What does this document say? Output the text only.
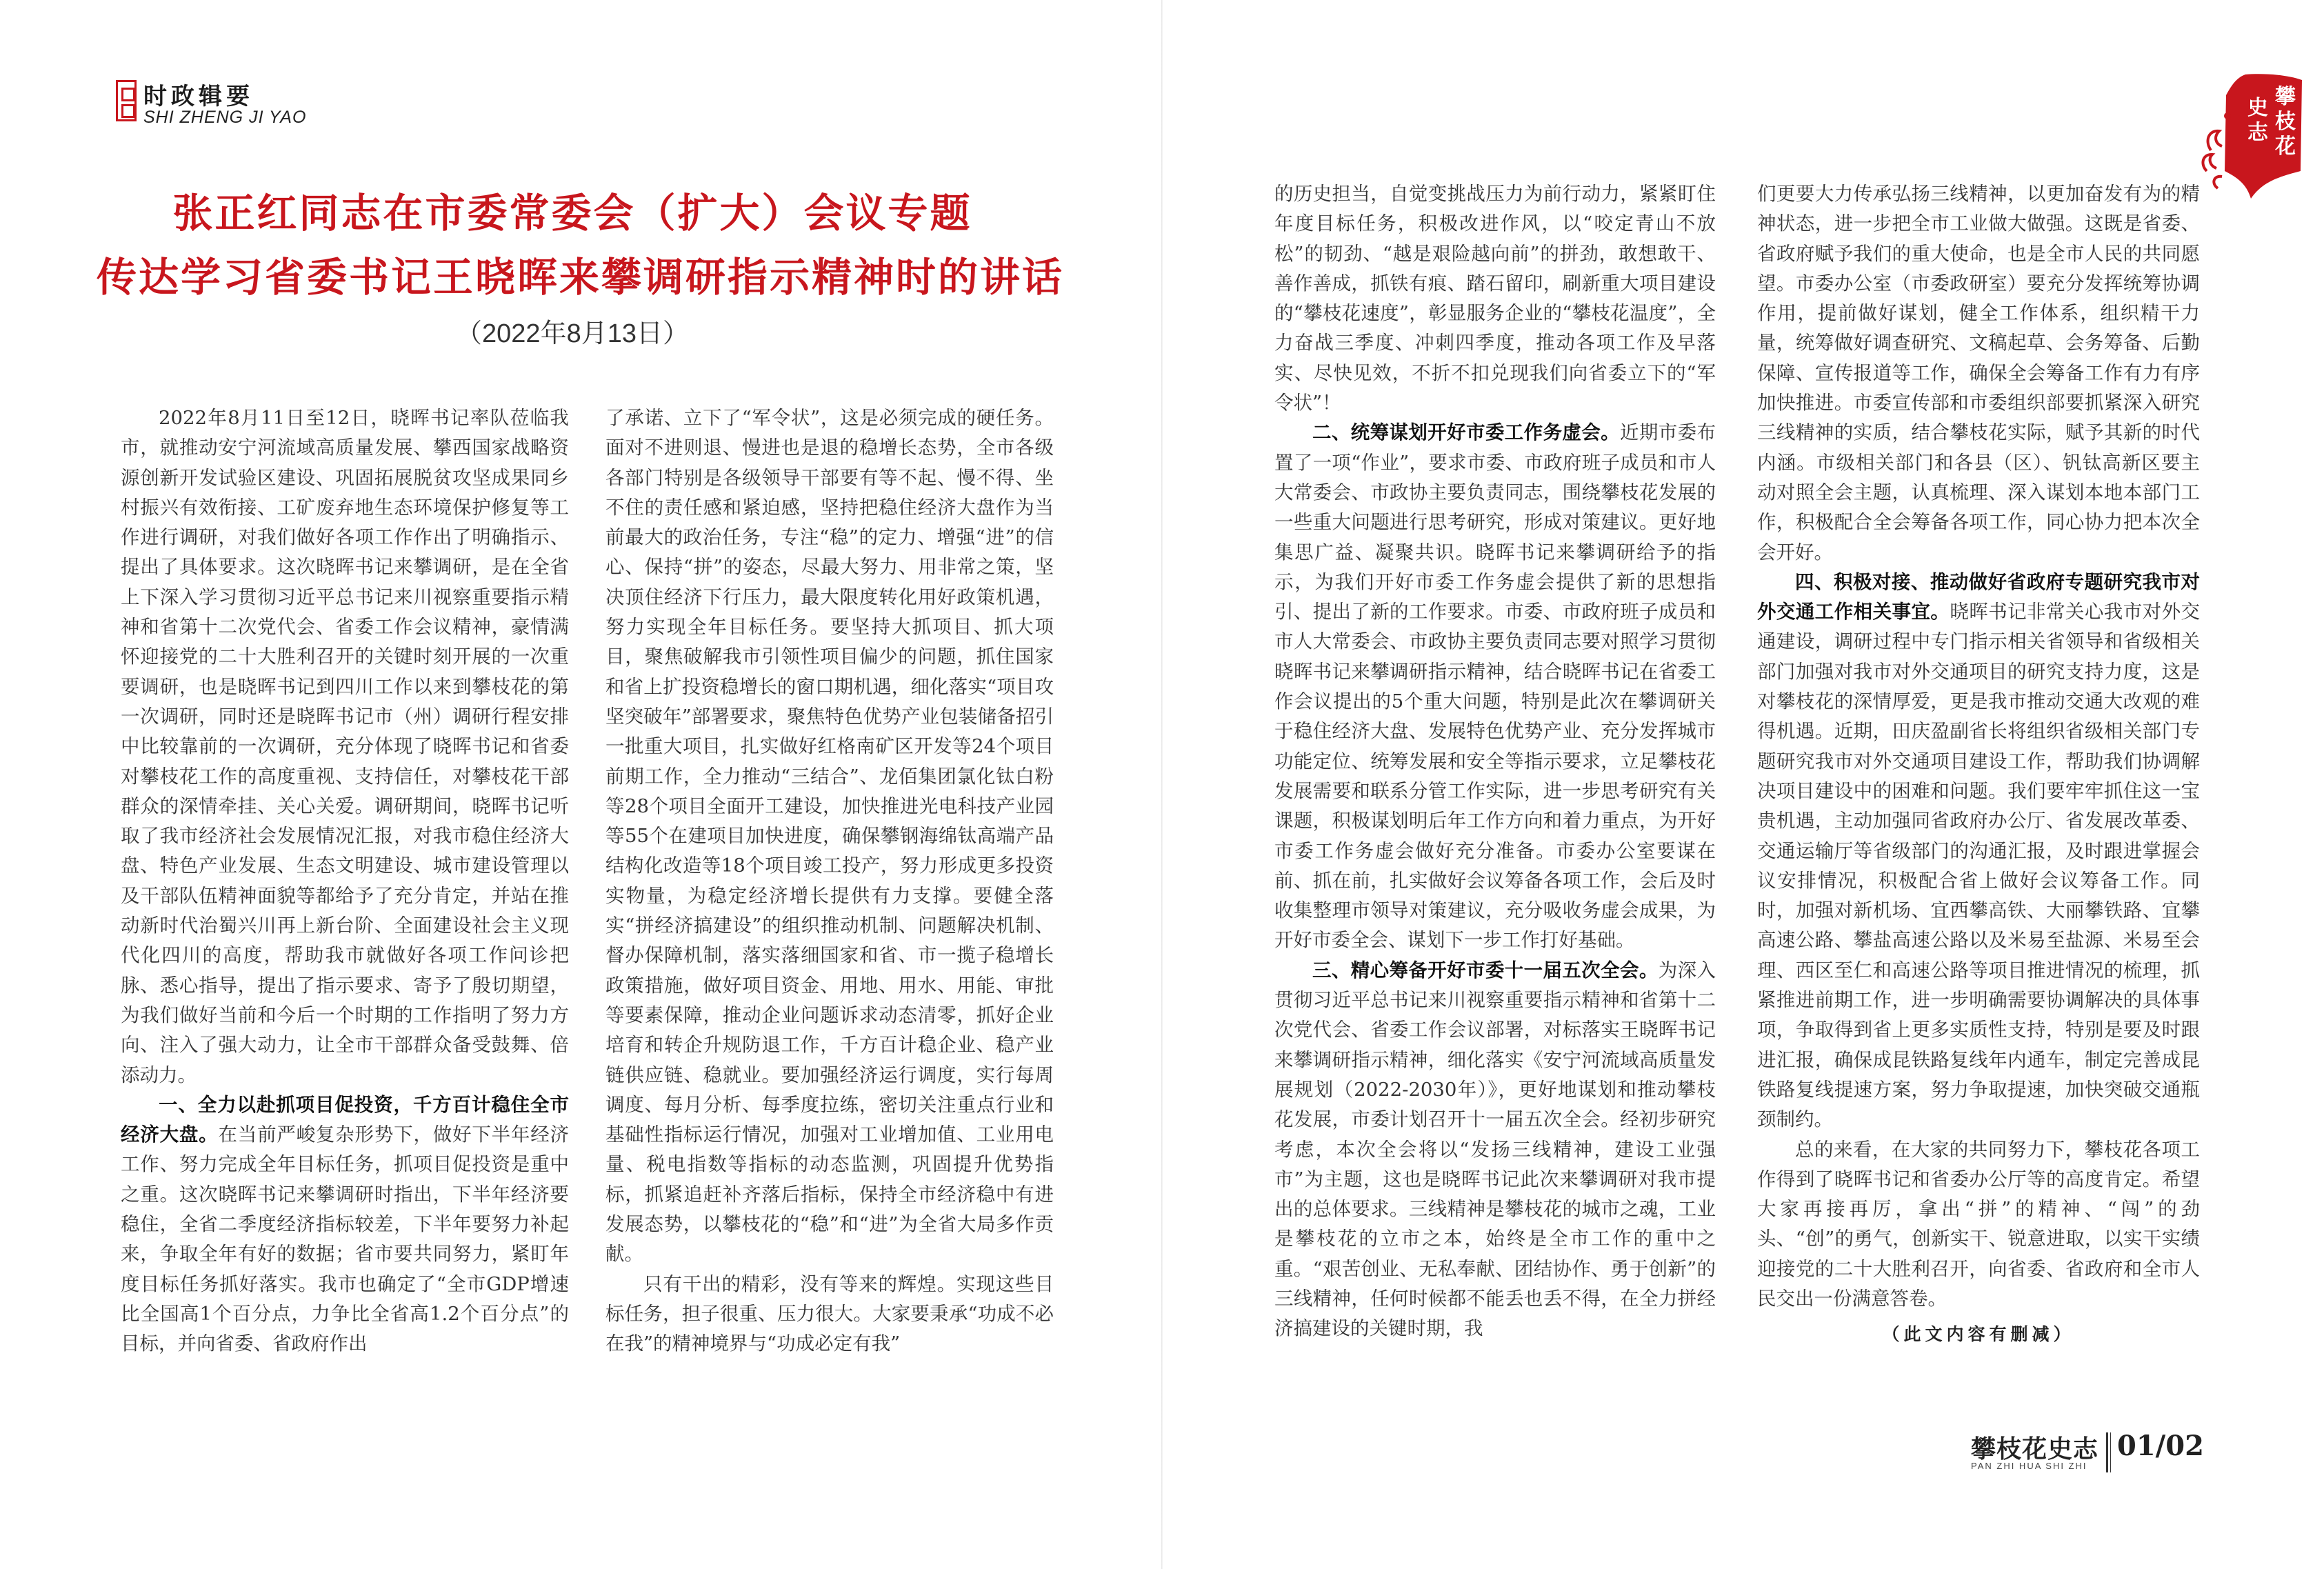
时政辑要
SHI ZHENG JI YAO
攀
枝
花
史
志
张正红同志在市委常委会（扩大）会议专题
传达学习省委书记王晓晖来攀调研指示精神时的讲话
（2022年8月13日）

2022年8月11日至12日，晓晖书记率队莅临我市，就推动安宁河流域高质量发展、攀西国家战略资源创新开发试验区建设、巩固拓展脱贫攻坚成果同乡村振兴有效衔接、工矿废弃地生态环境保护修复等工作进行调研，对我们做好各项工作作出了明确指示、提出了具体要求。这次晓晖书记来攀调研，是在全省上下深入学习贯彻习近平总书记来川视察重要指示精神和省第十二次党代会、省委工作会议精神，豪情满怀迎接党的二十大胜利召开的关键时刻开展的一次重要调研，也是晓晖书记到四川工作以来到攀枝花的第一次调研，同时还是晓晖书记市（州）调研行程安排中比较靠前的一次调研，充分体现了晓晖书记和省委对攀枝花工作的高度重视、支持信任，对攀枝花干部群众的深情牵挂、关心关爱。调研期间，晓晖书记听取了我市经济社会发展情况汇报，对我市稳住经济大盘、特色产业发展、生态文明建设、城市建设管理以及干部队伍精神面貌等都给予了充分肯定，并站在推动新时代治蜀兴川再上新台阶、全面建设社会主义现代化四川的高度，帮助我市就做好各项工作问诊把脉、悉心指导，提出了指示要求、寄予了殷切期望，为我们做好当前和今后一个时期的工作指明了努力方向、注入了强大动力，让全市干部群众备受鼓舞、倍添动力。

一、全力以赴抓项目促投资，千方百计稳住全市经济大盘。在当前严峻复杂形势下，做好下半年经济工作、努力完成全年目标任务，抓项目促投资是重中之重。这次晓晖书记来攀调研时指出，下半年经济要稳住，全省二季度经济指标较差，下半年要努力补起来，争取全年有好的数据；省市要共同努力，紧盯年度目标任务抓好落实。我市也确定了“全市GDP增速比全国高1个百分点，力争比全省高1.2个百分点”的目标，并向省委、省政府作出

了承诺、立下了“军令状”，这是必须完成的硬任务。面对不进则退、慢进也是退的稳增长态势，全市各级各部门特别是各级领导干部要有等不起、慢不得、坐不住的责任感和紧迫感，坚持把稳住经济大盘作为当前最大的政治任务，专注“稳”的定力、增强“进”的信心、保持“拼”的姿态，尽最大努力、用非常之策，坚决顶住经济下行压力，最大限度转化用好政策机遇，努力实现全年目标任务。要坚持大抓项目、抓大项目，聚焦破解我市引领性项目偏少的问题，抓住国家和省上扩投资稳增长的窗口期机遇，细化落实“项目攻坚突破年”部署要求，聚焦特色优势产业包装储备招引一批重大项目，扎实做好红格南矿区开发等24个项目前期工作，全力推动“三结合”、龙佰集团氯化钛白粉等28个项目全面开工建设，加快推进光电科技产业园等55个在建项目加快进度，确保攀钢海绵钛高端产品结构化改造等18个项目竣工投产，努力形成更多投资实物量，为稳定经济增长提供有力支撑。要健全落实“拼经济搞建设”的组织推动机制、问题解决机制、督办保障机制，落实落细国家和省、市一揽子稳增长政策措施，做好项目资金、用地、用水、用能、审批等要素保障，推动企业问题诉求动态清零，抓好企业培育和转企升规防退工作，千方百计稳企业、稳产业链供应链、稳就业。要加强经济运行调度，实行每周调度、每月分析、每季度拉练，密切关注重点行业和基础性指标运行情况，加强对工业增加值、工业用电量、税电指数等指标的动态监测，巩固提升优势指标，抓紧追赶补齐落后指标，保持全市经济稳中有进发展态势，以攀枝花的“稳”和“进”为全省大局多作贡献。

只有干出的精彩，没有等来的辉煌。实现这些目标任务，担子很重、压力很大。大家要秉承“功成不必在我”的精神境界与“功成必定有我”

的历史担当，自觉变挑战压力为前行动力，紧紧盯住年度目标任务，积极改进作风，以“咬定青山不放松”的韧劲、“越是艰险越向前”的拼劲，敢想敢干、善作善成，抓铁有痕、踏石留印，刷新重大项目建设的“攀枝花速度”，彰显服务企业的“攀枝花温度”，全力奋战三季度、冲刺四季度，推动各项工作及早落实、尽快见效，不折不扣兑现我们向省委立下的“军令状”！

二、统筹谋划开好市委工作务虚会。近期市委布置了一项“作业”，要求市委、市政府班子成员和市人大常委会、市政协主要负责同志，围绕攀枝花发展的一些重大问题进行思考研究，形成对策建议。更好地集思广益、凝聚共识。晓晖书记来攀调研给予的指示，为我们开好市委工作务虚会提供了新的思想指引、提出了新的工作要求。市委、市政府班子成员和市人大常委会、市政协主要负责同志要对照学习贯彻晓晖书记来攀调研指示精神，结合晓晖书记在省委工作会议提出的5个重大问题，特别是此次在攀调研关于稳住经济大盘、发展特色优势产业、充分发挥城市功能定位、统筹发展和安全等指示要求，立足攀枝花发展需要和联系分管工作实际，进一步思考研究有关课题，积极谋划明后年工作方向和着力重点，为开好市委工作务虚会做好充分准备。市委办公室要谋在前、抓在前，扎实做好会议筹备各项工作，会后及时收集整理市领导对策建议，充分吸收务虚会成果，为开好市委全会、谋划下一步工作打好基础。

三、精心筹备开好市委十一届五次全会。为深入贯彻习近平总书记来川视察重要指示精神和省第十二次党代会、省委工作会议部署，对标落实王晓晖书记来攀调研指示精神，细化落实《安宁河流域高质量发展规划（2022-2030年）》，更好地谋划和推动攀枝花发展，市委计划召开十一届五次全会。经初步研究考虑，本次全会将以“发扬三线精神，建设工业强市”为主题，这也是晓晖书记此次来攀调研对我市提出的总体要求。三线精神是攀枝花的城市之魂，工业是攀枝花的立市之本，始终是全市工作的重中之重。“艰苦创业、无私奉献、团结协作、勇于创新”的三线精神，任何时候都不能丢也丢不得，在全力拼经济搞建设的关键时期，我

们更要大力传承弘扬三线精神，以更加奋发有为的精神状态，进一步把全市工业做大做强。这既是省委、省政府赋予我们的重大使命，也是全市人民的共同愿望。市委办公室（市委政研室）要充分发挥统筹协调作用，提前做好谋划，健全工作体系，组织精干力量，统筹做好调查研究、文稿起草、会务筹备、后勤保障、宣传报道等工作，确保全会筹备工作有力有序加快推进。市委宣传部和市委组织部要抓紧深入研究三线精神的实质，结合攀枝花实际，赋予其新的时代内涵。市级相关部门和各县（区）、钒钛高新区要主动对照全会主题，认真梳理、深入谋划本地本部门工作，积极配合全会筹备各项工作，同心协力把本次全会开好。

四、积极对接、推动做好省政府专题研究我市对外交通工作相关事宜。晓晖书记非常关心我市对外交通建设，调研过程中专门指示相关省领导和省级相关部门加强对我市对外交通项目的研究支持力度，这是对攀枝花的深情厚爱，更是我市推动交通大改观的难得机遇。近期，田庆盈副省长将组织省级相关部门专题研究我市对外交通项目建设工作，帮助我们协调解决项目建设中的困难和问题。我们要牢牢抓住这一宝贵机遇，主动加强同省政府办公厅、省发展改革委、交通运输厅等省级部门的沟通汇报，及时跟进掌握会议安排情况，积极配合省上做好会议筹备工作。同时，加强对新机场、宜西攀高铁、大丽攀铁路、宜攀高速公路、攀盐高速公路以及米易至盐源、米易至会理、西区至仁和高速公路等项目推进情况的梳理，抓紧推进前期工作，进一步明确需要协调解决的具体事项，争取得到省上更多实质性支持，特别是要及时跟进汇报，确保成昆铁路复线年内通车，制定完善成昆铁路复线提速方案，努力争取提速，加快突破交通瓶颈制约。

总的来看，在大家的共同努力下，攀枝花各项工作得到了晓晖书记和省委办公厅等的高度肯定。希望大家再接再厉，拿出“拼”的精神、“闯”的劲头、“创”的勇气，创新实干、锐意进取，以实干实绩迎接党的二十大胜利召开，向省委、省政府和全市人民交出一份满意答卷。

（此文内容有删减）

攀枝花史志
PAN ZHI HUA SHI ZHI
01/02
